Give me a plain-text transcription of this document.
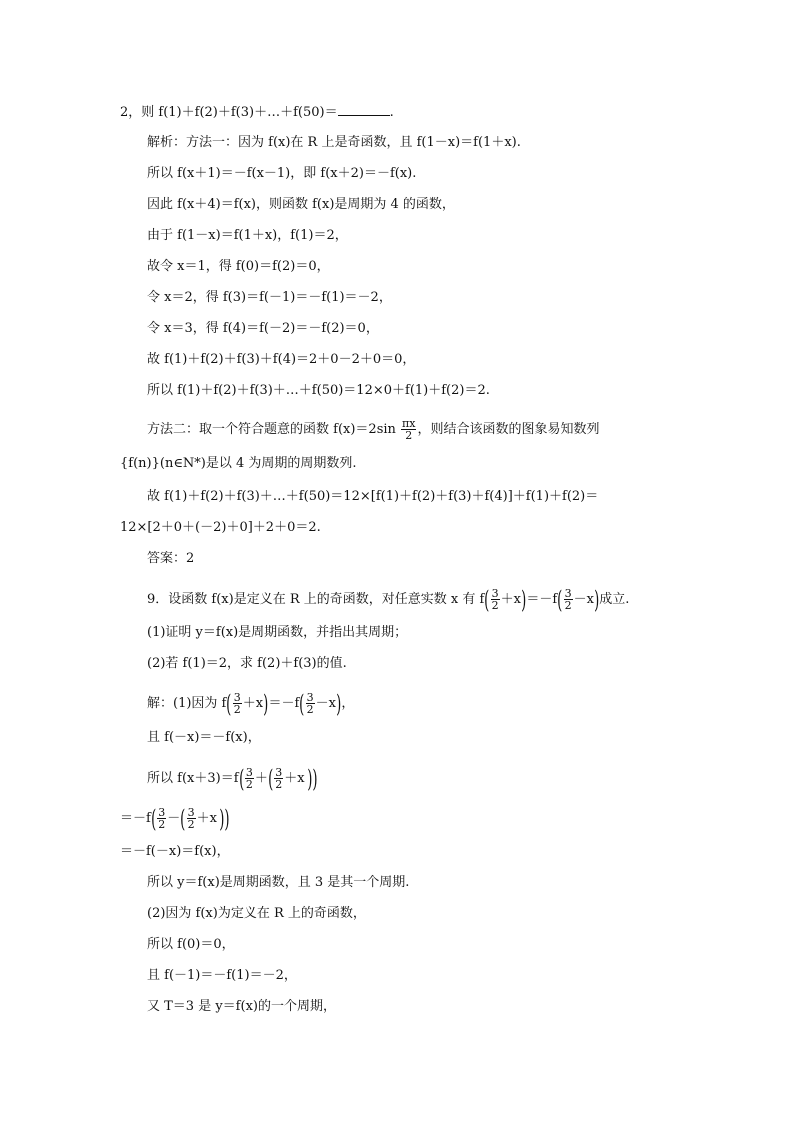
2，则 f(1)＋f(2)＋f(3)＋…＋f(50)＝	.
解析：方法一：因为 f(x)在 R 上是奇函数，且 f(1－x)＝f(1＋x).
所以 f(x＋1)＝－f(x－1)，即 f(x＋2)＝－f(x).
因此 f(x＋4)＝f(x)，则函数 f(x)是周期为 4 的函数，
由于 f(1－x)＝f(1＋x)，f(1)＝2，
故令 x＝1，得 f(0)＝f(2)＝0，
令 x＝2，得 f(3)＝f(－1)＝－f(1)＝－2，
令 x＝3，得 f(4)＝f(－2)＝－f(2)＝0，
故 f(1)＋f(2)＋f(3)＋f(4)＝2＋0－2＋0＝0，
所以 f(1)＋f(2)＋f(3)＋…＋f(50)＝12×0＋f(1)＋f(2)＝2.
方法二：取一个符合题意的函数 $f(x)=2\sin \frac{\pi x}{2}$ ，则结合该函数的图象易知数列
{f(n)}(n∈N*)是以 4 为周期的周期数列.
故 f(1)＋f(2)＋f(3)＋…＋f(50)＝12×[f(1)＋f(2)＋f(3)＋f(4)]＋f(1)＋f(2)＝
12×[2＋0＋(－2)＋0]＋2＋0＝2.
答案：2
9．设函数 f(x)是定义在 R 上的奇函数，对任意实数 x 有 $f( \frac{3}{2} +x)=-f( \frac{3}{2} -x)$成立.
(1)证明 y＝f(x)是周期函数，并指出其周期；
(2)若 f(1)＝2，求 f(2)＋f(3)的值.
解：(1)因为 $f( \frac{3}{2} +x)=-f( \frac{3}{2} -x)$，
且 f(－x)＝－f(x)，
所以 $f(x+3)=f( \frac{3}{2}$ ＋( $\frac{3}{2} +x$))
$=-f( \frac{3}{2}$ －( $\frac{3}{2} +x$))
＝－f(－x)＝f(x)，
所以 y＝f(x)是周期函数，且 3 是其一个周期.
(2)因为 f(x)为定义在 R 上的奇函数，
所以 f(0)＝0，
且 f(－1)＝－f(1)＝－2，
又 T＝3 是 y＝f(x)的一个周期，
